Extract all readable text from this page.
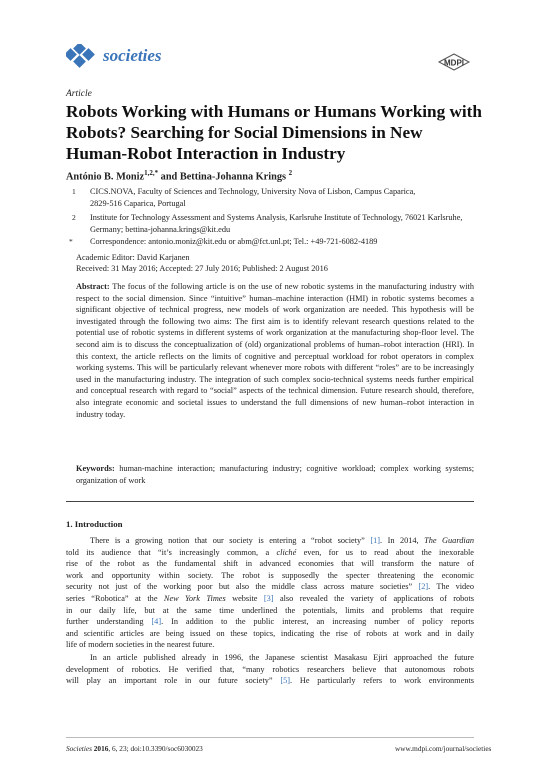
societies	MDPI
Article
Robots Working with Humans or Humans Working with Robots? Searching for Social Dimensions in New Human-Robot Interaction in Industry
António B. Moniz$^{1,2,*}$ and Bettina-Johanna Krings $^2$
1 CICS.NOVA, Faculty of Sciences and Technology, University Nova of Lisbon, Campus Caparica, 2829-516 Caparica, Portugal
2 Institute for Technology Assessment and Systems Analysis, Karlsruhe Institute of Technology, 76021 Karlsruhe, Germany; bettina-johanna.krings@kit.edu
* Correspondence: antonio.moniz@kit.edu or abm@fct.unl.pt; Tel.: +49-721-6082-4189
Academic Editor: David Karjanen
Received: 31 May 2016; Accepted: 27 July 2016; Published: 2 August 2016
Abstract: The focus of the following article is on the use of new robotic systems in the manufacturing industry with respect to the social dimension. Since “intuitive” human–machine interaction (HMI) in robotic systems becomes a significant objective of technical progress, new models of work organization are needed. This hypothesis will be investigated through the following two aims: The first aim is to identify relevant research questions related to the potential use of robotic systems in different systems of work organization at the manufacturing shop-floor level. The second aim is to discuss the conceptualization of (old) organizational problems of human–robot interaction (HRI). In this context, the article reflects on the limits of cognitive and perceptual workload for robot operators in complex working systems. This will be particularly relevant whenever more robots with different “roles” are to be increasingly used in the manufacturing industry. The integration of such complex socio-technical systems needs further empirical and conceptual research with regard to “social” aspects of the technical dimension. Future research should, therefore, also integrate economic and societal issues to understand the full dimensions of new human–robot interaction in industry today.
Keywords: human-machine interaction; manufacturing industry; cognitive workload; complex working systems; organization of work
1. Introduction
There is a growing notion that our society is entering a “robot society” [1]. In 2014, The Guardian
told its audience that “it’s increasingly common, a cliché even, for us to read about the inexorable
rise of the robot as the fundamental shift in advanced economies that will transform the nature of
work and opportunity within society. The robot is supposedly the specter threatening the economic
security not just of the working poor but also the middle class across mature societies” [2]. The video
series “Robotica” at the New York Times website [3] also revealed the variety of applications of robots
in our daily life, but at the same time underlined the potentials, limits and problems that require
further understanding [4]. In addition to the public interest, an increasing number of policy reports
and scientific articles are being issued on these topics, indicating the rise of robots at work and in daily
life of modern societies in the nearest future.
In an article published already in 1996, the Japanese scientist Masakasu Ejiri approached the future
development of robotics. He verified that, “many robotics researchers believe that autonomous robots
will play an important role in our future society” [5]. He particularly refers to work environments
Societies 2016, 6, 23; doi:10.3390/soc6030023	www.mdpi.com/journal/societies
